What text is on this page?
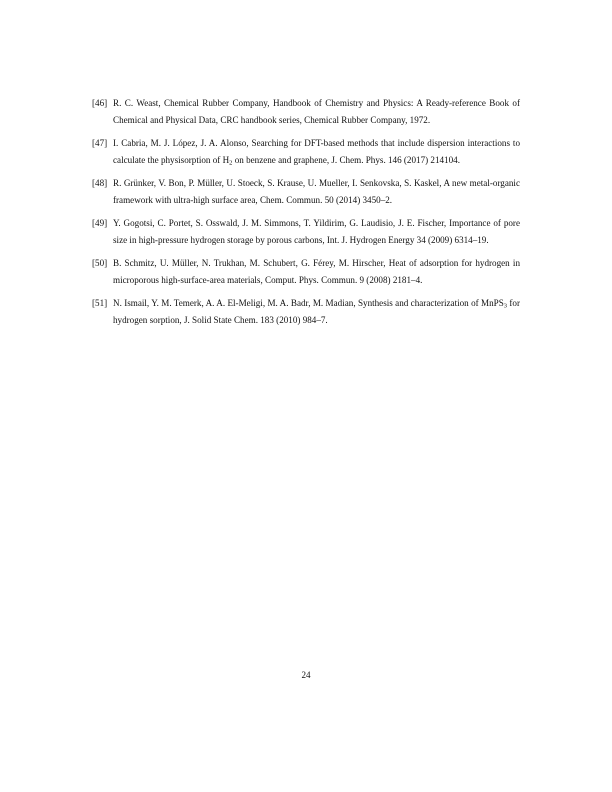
[46] R. C. Weast, Chemical Rubber Company, Handbook of Chemistry and Physics: A Ready-reference Book of Chemical and Physical Data, CRC handbook series, Chemical Rubber Company, 1972.
[47] I. Cabria, M. J. López, J. A. Alonso, Searching for DFT-based methods that include dispersion interactions to calculate the physisorption of $H_2$ on benzene and graphene, J. Chem. Phys. 146 (2017) 214104.
[48] R. Grünker, V. Bon, P. Müller, U. Stoeck, S. Krause, U. Mueller, I. Senkovska, S. Kaskel, A new metal-organic framework with ultra-high surface area, Chem. Commun. 50 (2014) 3450–2.
[49] Y. Gogotsi, C. Portet, S. Osswald, J. M. Simmons, T. Yildirim, G. Laudisio, J. E. Fischer, Importance of pore size in high-pressure hydrogen storage by porous carbons, Int. J. Hydrogen Energy 34 (2009) 6314–19.
[50] B. Schmitz, U. Müller, N. Trukhan, M. Schubert, G. Férey, M. Hirscher, Heat of adsorption for hydrogen in microporous high-surface-area materials, Comput. Phys. Commun. 9 (2008) 2181–4.
[51] N. Ismail, Y. M. Temerk, A. A. El-Meligi, M. A. Badr, M. Madian, Synthesis and characterization of MnPS$_3$ for hydrogen sorption, J. Solid State Chem. 183 (2010) 984–7.
24
